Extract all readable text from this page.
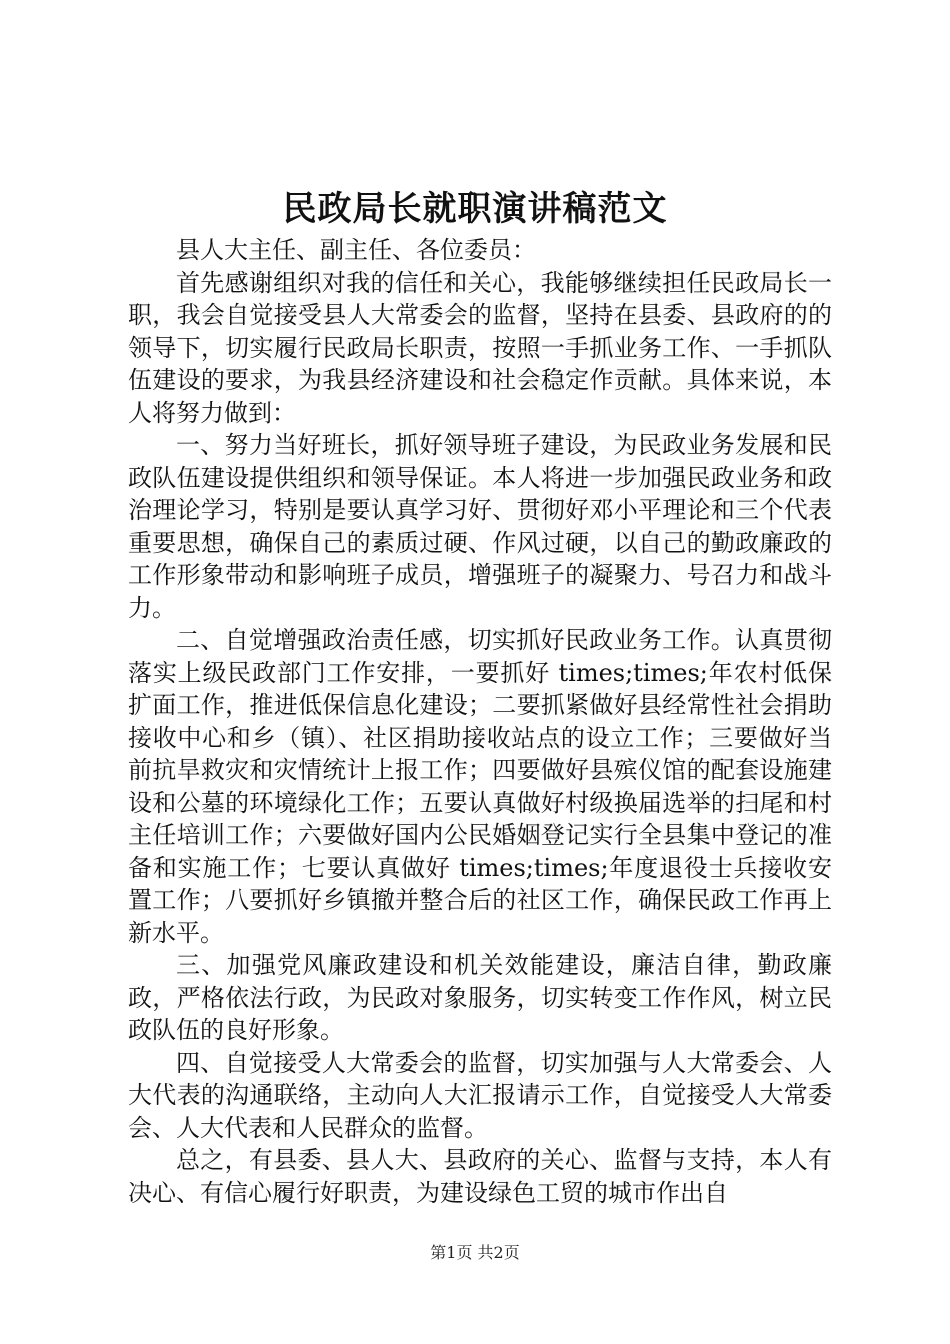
民政局长就职演讲稿范文

县人大主任、副主任、各位委员：

首先感谢组织对我的信任和关心，我能够继续担任民政局长一职，我会自觉接受县人大常委会的监督，坚持在县委、县政府的的领导下，切实履行民政局长职责，按照一手抓业务工作、一手抓队伍建设的要求，为我县经济建设和社会稳定作贡献。具体来说，本人将努力做到：

一、努力当好班长，抓好领导班子建设，为民政业务发展和民政队伍建设提供组织和领导保证。本人将进一步加强民政业务和政治理论学习，特别是要认真学习好、贯彻好邓小平理论和三个代表重要思想，确保自己的素质过硬、作风过硬，以自己的勤政廉政的工作形象带动和影响班子成员，增强班子的凝聚力、号召力和战斗力。

二、自觉增强政治责任感，切实抓好民政业务工作。认真贯彻落实上级民政部门工作安排，一要抓好 times;times;年农村低保扩面工作，推进低保信息化建设；二要抓紧做好县经常性社会捐助接收中心和乡（镇）、社区捐助接收站点的设立工作；三要做好当前抗旱救灾和灾情统计上报工作；四要做好县殡仪馆的配套设施建设和公墓的环境绿化工作；五要认真做好村级换届选举的扫尾和村主任培训工作；六要做好国内公民婚姻登记实行全县集中登记的准备和实施工作；七要认真做好 times;times;年度退役士兵接收安置工作；八要抓好乡镇撤并整合后的社区工作，确保民政工作再上新水平。

三、加强党风廉政建设和机关效能建设，廉洁自律，勤政廉政，严格依法行政，为民政对象服务，切实转变工作作风，树立民政队伍的良好形象。

四、自觉接受人大常委会的监督，切实加强与人大常委会、人大代表的沟通联络，主动向人大汇报请示工作，自觉接受人大常委会、人大代表和人民群众的监督。

总之，有县委、县人大、县政府的关心、监督与支持，本人有决心、有信心履行好职责，为建设绿色工贸的城市作出自

第1页 共2页
